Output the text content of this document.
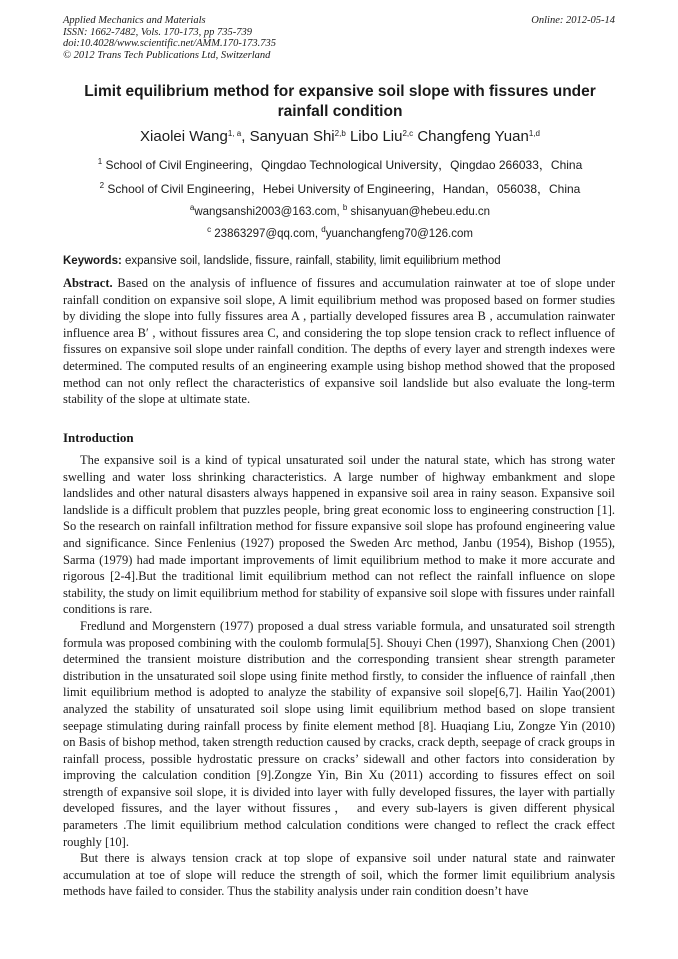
Applied Mechanics and Materials
ISSN: 1662-7482, Vols. 170-173, pp 735-739
doi:10.4028/www.scientific.net/AMM.170-173.735
© 2012 Trans Tech Publications Ltd, Switzerland
Online: 2012-05-14
Limit equilibrium method for expansive soil slope with fissures under rainfall condition
Xiaolei Wang$^{1, a}$, Sanyuan Shi$^{2,b}$ Libo Liu$^{2,c}$ Changfeng Yuan$^{1,d}$
$^1$ School of Civil Engineering，Qingdao Technological University，Qingdao 266033，China
$^2$ School of Civil Engineering，Hebei University of Engineering，Handan，056038，China
$^a$wangsanshi2003@163.com, $^b$ shisanyuan@hebeu.edu.cn
$^c$ 23863297@qq.com, $^d$yuanchangfeng70@126.com
Keywords: expansive soil, landslide, fissure, rainfall, stability, limit equilibrium method
Abstract. Based on the analysis of influence of fissures and accumulation rainwater at toe of slope under rainfall condition on expansive soil slope, A limit equilibrium method was proposed based on former studies by dividing the slope into fully fissures area A , partially developed fissures area B , accumulation rainwater influence area B′ , without fissures area C, and considering the top slope tension crack to reflect influence of fissures on expansive soil slope under rainfall condition. The depths of every layer and strength indexes were determined. The computed results of an engineering example using bishop method showed that the proposed method can not only reflect the characteristics of expansive soil landslide but also evaluate the long-term stability of the slope at ultimate state.
Introduction

The expansive soil is a kind of typical unsaturated soil under the natural state, which has strong water swelling and water loss shrinking characteristics. A large number of highway embankment and slope landslides and other natural disasters always happened in expansive soil area in rainy season. Expansive soil landslide is a difficult problem that puzzles people, bring great economic loss to engineering construction [1]. So the research on rainfall infiltration method for fissure expansive soil slope has profound engineering value and significance. Since Fenlenius (1927) proposed the Sweden Arc method, Janbu (1954), Bishop (1955), Sarma (1979) had made important improvements of limit equilibrium method to make it more accurate and rigorous [2-4].But the traditional limit equilibrium method can not reflect the rainfall influence on slope stability, the study on limit equilibrium method for stability of expansive soil slope with fissures under rainfall conditions is rare.

Fredlund and Morgenstern (1977) proposed a dual stress variable formula, and unsaturated soil strength formula was proposed combining with the coulomb formula[5]. Shouyi Chen (1997), Shanxiong Chen (2001) determined the transient moisture distribution and the corresponding transient shear strength parameter distribution in the unsaturated soil slope using finite method firstly, to consider the influence of rainfall ,then limit equilibrium method is adopted to analyze the stability of expansive soil slope[6,7]. Hailin Yao(2001) analyzed the stability of unsaturated soil slope using limit equilibrium method based on slope transient seepage stimulating during rainfall process by finite element method [8]. Huaqiang Liu, Zongze Yin (2010) on Basis of bishop method, taken strength reduction caused by cracks, crack depth, seepage of crack groups in rainfall process, possible hydrostatic pressure on cracks’ sidewall and other factors into consideration by improving the calculation condition [9].Zongze Yin, Bin Xu (2011) according to fissures effect on soil strength of expansive soil slope, it is divided into layer with fully developed fissures, the layer with partially developed fissures, and the layer without fissures， and every sub-layers is given different physical parameters .The limit equilibrium method calculation conditions were changed to reflect the crack effect roughly [10].

But there is always tension crack at top slope of expansive soil under natural state and rainwater accumulation at toe of slope will reduce the strength of soil, which the former limit equilibrium analysis methods have failed to consider. Thus the stability analysis under rain condition doesn’t have
